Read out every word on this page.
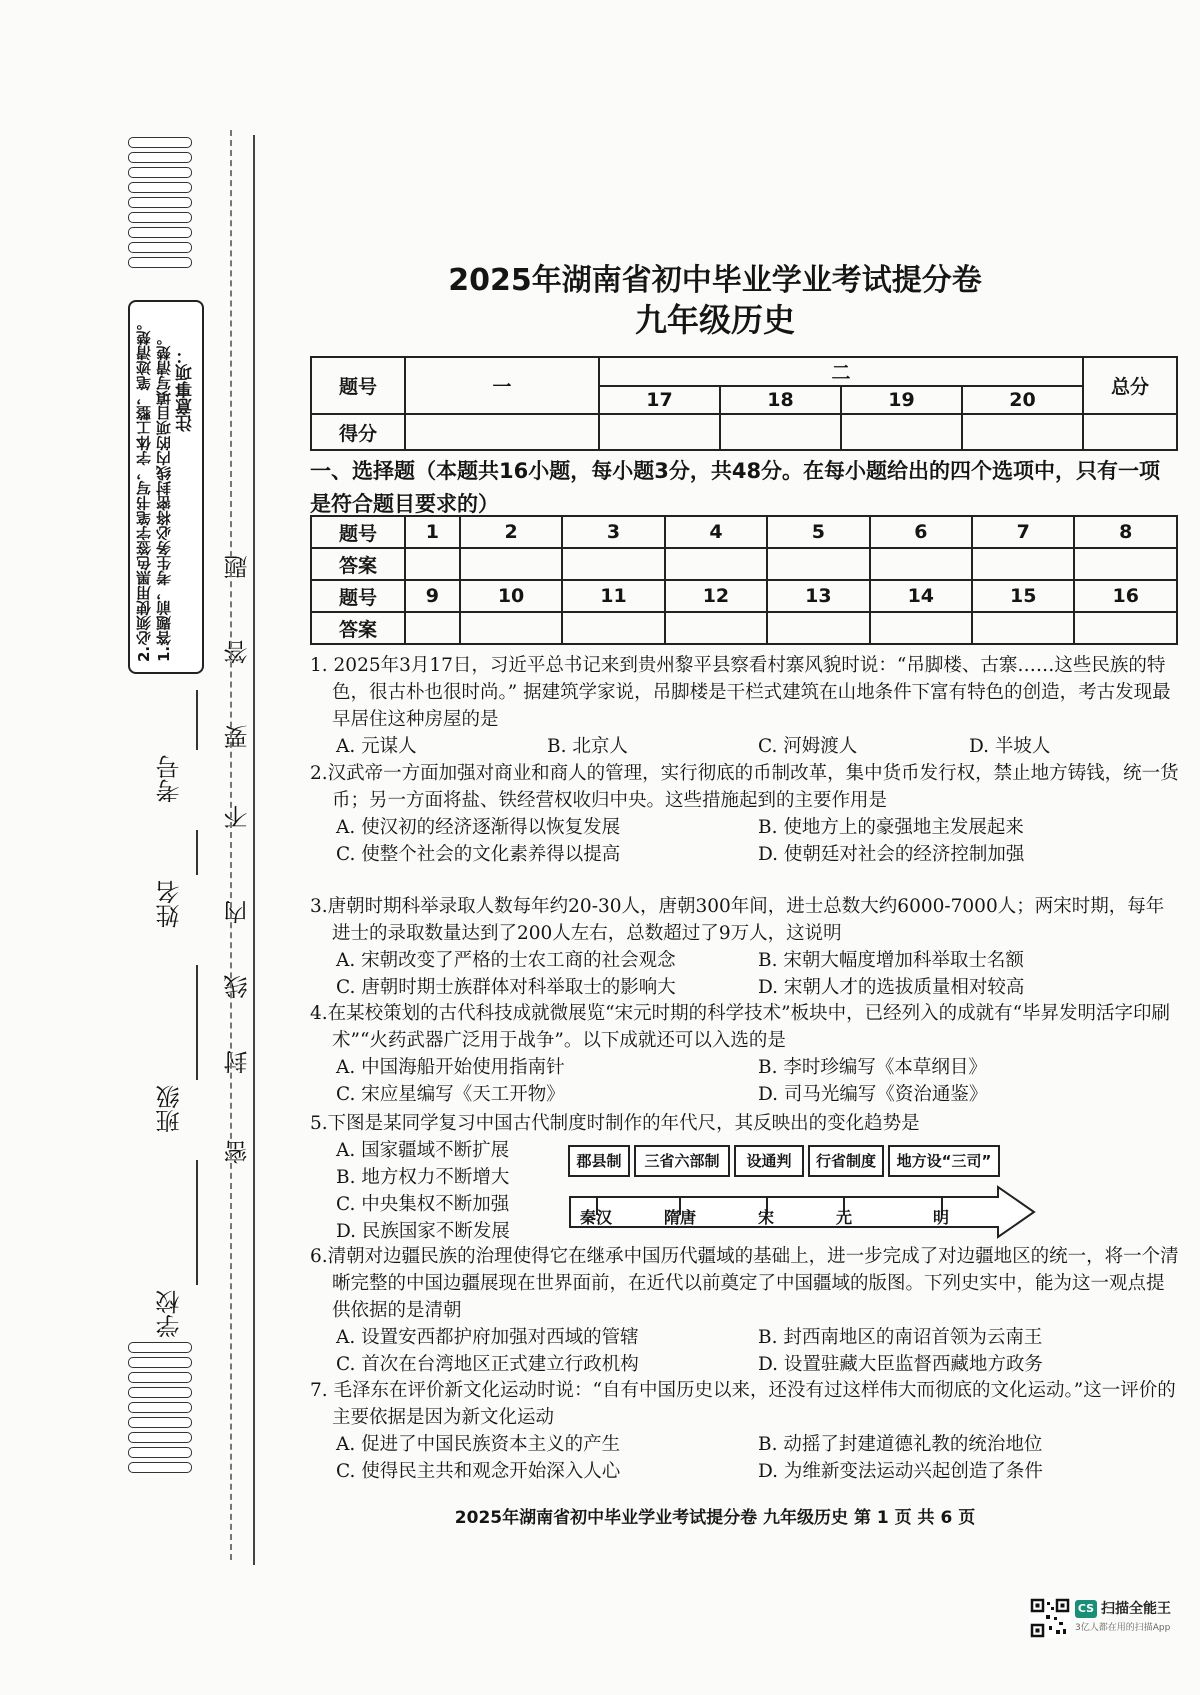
注意事项：
1.答题前，考生务必将密封线内的项目填写清楚。
2.必须使用黑色签字笔书写，字体工整，笔迹清楚。
学校
班级
姓名
考号
密
封
线
内
不
要
答
题
2025年湖南省初中毕业学业考试提分卷
九年级历史
题号	一	二				总分
		17	18	19	20	
得分						
一、选择题（本题共16小题，每小题3分，共48分。在每小题给出的四个选项中，只有一项是符合题目要求的）
题号	1	2	3	4	5	6	7	8
答案								
题号	9	10	11	12	13	14	15	16
答案								
1. 2025年3月17日，习近平总书记来到贵州黎平县察看村寨风貌时说：“吊脚楼、古寨……这些民族的特色，很古朴也很时尚。” 据建筑学家说，吊脚楼是干栏式建筑在山地条件下富有特色的创造，考古发现最早居住这种房屋的是
A. 元谋人	B. 北京人	C. 河姆渡人	D. 半坡人
2.汉武帝一方面加强对商业和商人的管理，实行彻底的币制改革，集中货币发行权，禁止地方铸钱，统一货币；另一方面将盐、铁经营权收归中央。这些措施起到的主要作用是
A. 使汉初的经济逐渐得以恢复发展	B. 使地方上的豪强地主发展起来
C. 使整个社会的文化素养得以提高	D. 使朝廷对社会的经济控制加强
3.唐朝时期科举录取人数每年约20-30人，唐朝300年间，进士总数大约6000-7000人；两宋时期，每年进士的录取数量达到了200人左右，总数超过了9万人，这说明
A. 宋朝改变了严格的士农工商的社会观念	B. 宋朝大幅度增加科举取士名额
C. 唐朝时期士族群体对科举取士的影响大	D. 宋朝人才的选拔质量相对较高
4.在某校策划的古代科技成就微展览“宋元时期的科学技术”板块中，已经列入的成就有“毕昇发明活字印刷术”“火药武器广泛用于战争”。以下成就还可以入选的是
A. 中国海船开始使用指南针	B. 李时珍编写《本草纲目》
C. 宋应星编写《天工开物》	D. 司马光编写《资治通鉴》
5.下图是某同学复习中国古代制度时制作的年代尺，其反映出的变化趋势是
A. 国家疆域不断扩展
B. 地方权力不断增大
C. 中央集权不断加强
D. 民族国家不断发展
郡县制	三省六部制	设通判	行省制度	地方设“三司”
秦汉	隋唐	宋	元	明
6.清朝对边疆民族的治理使得它在继承中国历代疆域的基础上，进一步完成了对边疆地区的统一，将一个清晰完整的中国边疆展现在世界面前，在近代以前奠定了中国疆域的版图。下列史实中，能为这一观点提供依据的是清朝
A. 设置安西都护府加强对西域的管辖	B. 封西南地区的南诏首领为云南王
C. 首次在台湾地区正式建立行政机构	D. 设置驻藏大臣监督西藏地方政务
7. 毛泽东在评价新文化运动时说：“自有中国历史以来，还没有过这样伟大而彻底的文化运动。”这一评价的主要依据是因为新文化运动
A. 促进了中国民族资本主义的产生	B. 动摇了封建道德礼教的统治地位
C. 使得民主共和观念开始深入人心	D. 为维新变法运动兴起创造了条件
2025年湖南省初中毕业学业考试提分卷 九年级历史 第 1 页 共 6 页
CS 扫描全能王
3亿人都在用的扫描App
